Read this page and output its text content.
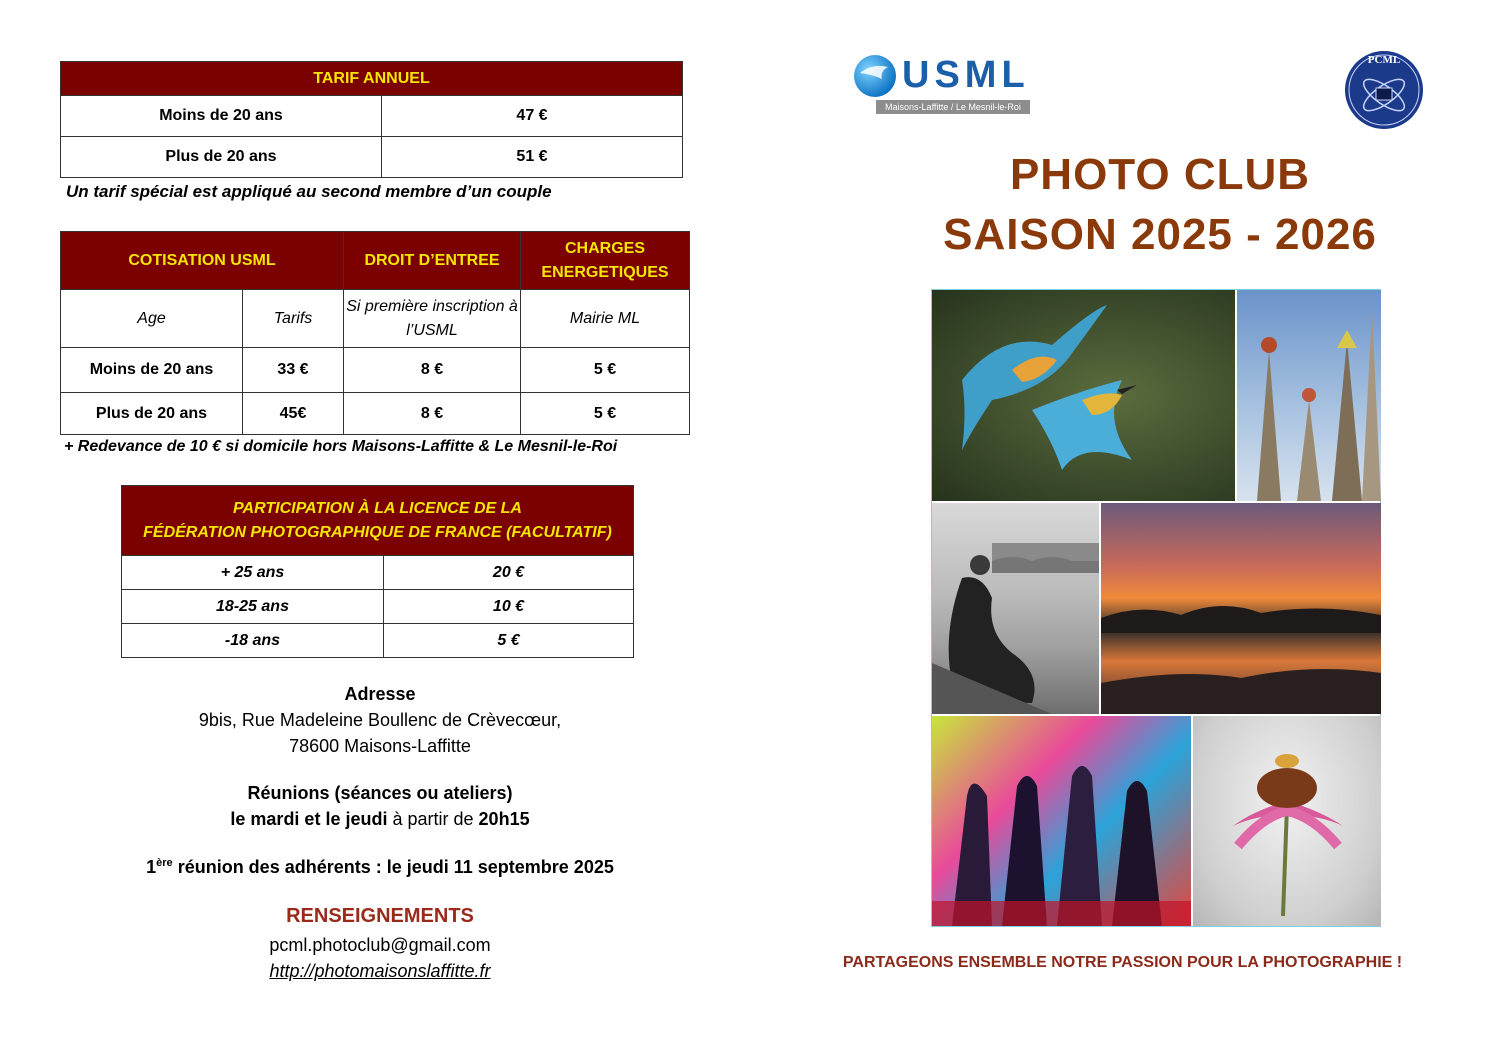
TARIF ANNUEL	
Moins de 20 ans	47 €
Plus de 20 ans	51 €
Un tarif spécial est appliqué au second membre d’un couple
COTISATION USML		DROIT D’ENTREE	CHARGES ENERGETIQUES
Age	Tarifs	Si première inscription à l’USML	Mairie ML
Moins de 20 ans	33 €	8 €	5 €
Plus de 20 ans	45€	8 €	5 €
+ Redevance de 10 € si domicile hors Maisons-Laffitte & Le Mesnil-le-Roi
PARTICIPATION À LA LICENCE DE LA
FÉDÉRATION PHOTOGRAPHIQUE DE FRANCE (FACULTATIF)	
+ 25 ans	20 €
18-25 ans	10 €
-18 ans	5 €
Adresse
9bis, Rue Madeleine Boullenc de Crèvecœur,
78600 Maisons-Laffitte
Réunions (séances ou ateliers)
le mardi et le jeudi à partir de 20h15
1ère réunion des adhérents : le jeudi 11 septembre 2025
RENSEIGNEMENTS
pcml.photoclub@gmail.com
http://photomaisonslaffitte.fr
USML
Maisons-Laffitte / Le Mesnil-le-Roi
PCML
PHOTO CLUB
SAISON 2025 - 2026
PARTAGEONS ENSEMBLE NOTRE PASSION POUR LA PHOTOGRAPHIE !
